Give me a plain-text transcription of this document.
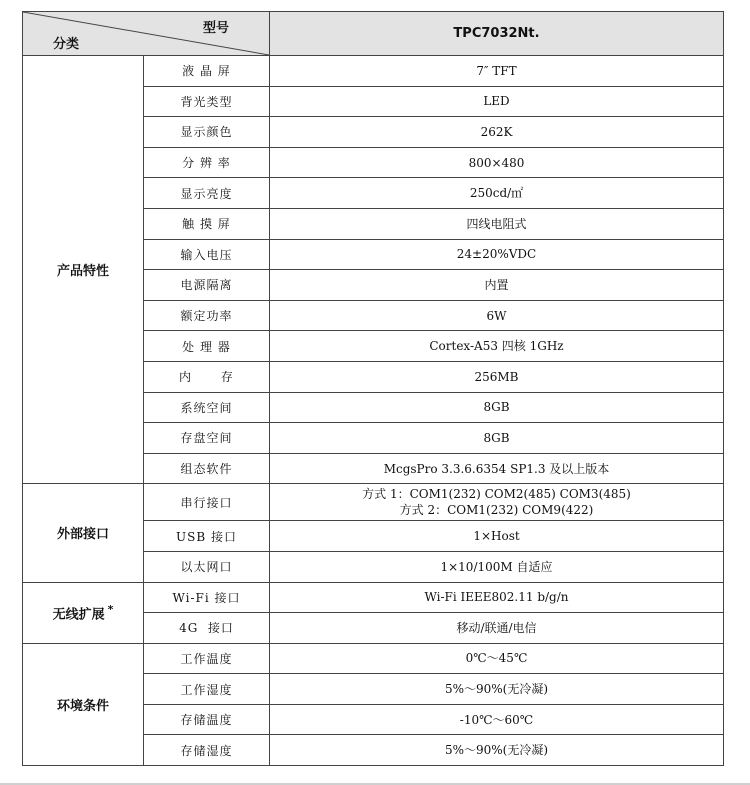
型号
分类		TPC7032Nt.
产品特性	液 晶 屏	7″ TFT
	背光类型	LED
	显示颜色	262K
	分 辨 率	800×480
	显示亮度	250cd/㎡
	触 摸 屏	四线电阻式
	输入电压	24±20%VDC
	电源隔离	内置
	额定功率	6W
	处 理 器	Cortex-A53 四核 1GHz
	内      存	256MB
	系统空间	8GB
	存盘空间	8GB
	组态软件	McgsPro 3.3.6.6354 SP1.3 及以上版本
外部接口	串行接口	方式 1：COM1(232) COM2(485) COM3(485)
方式 2：COM1(232) COM9(422)

	USB 接口	1×Host
	以太网口	1×10/100M 自适应
无线扩展 *	Wi-Fi 接口	Wi-Fi IEEE802.11 b/g/n
	4G  接口	移动/联通/电信
环境条件	工作温度	0℃～45℃
	工作湿度	5%～90%(无冷凝)
	存储温度	-10℃～60℃
	存储湿度	5%～90%(无冷凝)
